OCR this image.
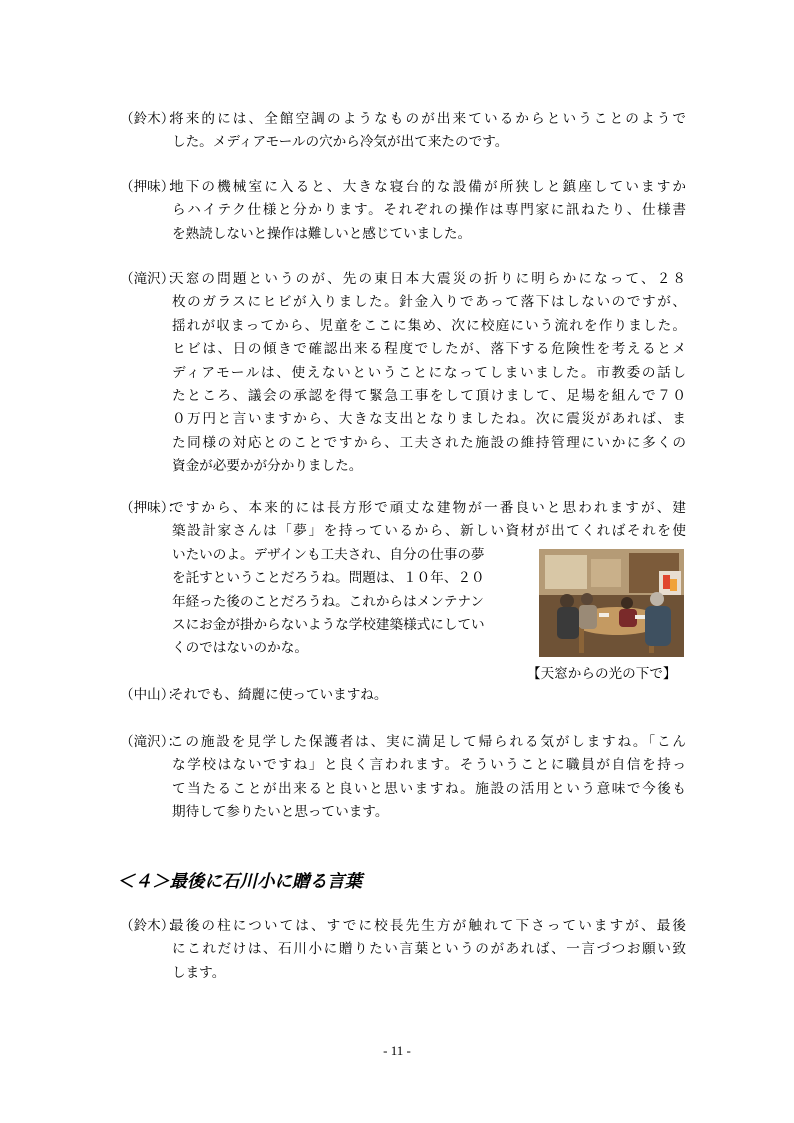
（鈴木）：
将来的には、全館空調のようなものが出来ているからということのようで
した。メディアモールの穴から冷気が出て来たのです。
（押味）：
地下の機械室に入ると、大きな寝台的な設備が所狭しと鎮座していますか
らハイテク仕様と分かります。それぞれの操作は専門家に訊ねたり、仕様書
を熟読しないと操作は難しいと感じていました。
（滝沢）：
天窓の問題というのが、先の東日本大震災の折りに明らかになって、２８
枚のガラスにヒビが入りました。針金入りであって落下はしないのですが、
揺れが収まってから、児童をここに集め、次に校庭にいう流れを作りました。
ヒビは、日の傾きで確認出来る程度でしたが、落下する危険性を考えるとメ
ディアモールは、使えないということになってしまいました。市教委の話し
たところ、議会の承認を得て緊急工事をして頂けまして、足場を組んで７０
０万円と言いますから、大きな支出となりましたね。次に震災があれば、ま
た同様の対応とのことですから、工夫された施設の維持管理にいかに多くの
資金が必要かが分かりました。
（押味）：
ですから、本来的には長方形で頑丈な建物が一番良いと思われますが、建
築設計家さんは「夢」を持っているから、新しい資材が出てくればそれを使
いたいのよ。デザインも工夫され、自分の仕事の夢
を託すということだろうね。問題は、１０年、２０
年経った後のことだろうね。これからはメンテナン
スにお金が掛からないような学校建築様式にしてい
くのではないのかな。
【天窓からの光の下で】
（中山）：
それでも、綺麗に使っていますね。
（滝沢）：
この施設を見学した保護者は、実に満足して帰られる気がしますね。「こん
な学校はないですね」と良く言われます。そういうことに職員が自信を持っ
て当たることが出来ると良いと思いますね。施設の活用という意味で今後も
期待して参りたいと思っています。
＜４＞最後に石川小に贈る言葉
（鈴木）：
最後の柱については、すでに校長先生方が触れて下さっていますが、最後
にこれだけは、石川小に贈りたい言葉というのがあれば、一言づつお願い致
します。
- 11 -
